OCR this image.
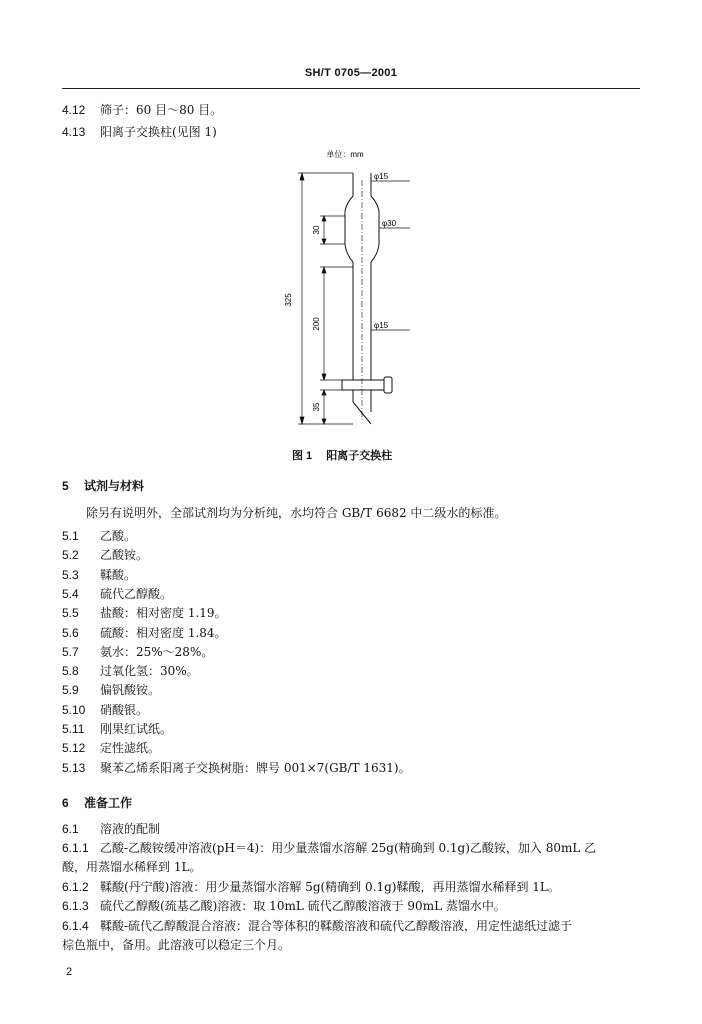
SH/T 0705—2001
4.12 筛子：60 目～80 目。
4.13 阳离子交换柱(见图 1)
单位：mm
φ15
φ30
φ15
325
30
200
35
图 1 阳离子交换柱
5 试剂与材料
除另有说明外，全部试剂均为分析纯，水均符合 GB/T 6682 中二级水的标准。
5.1 乙酸。
5.2 乙酸铵。
5.3 鞣酸。
5.4 硫代乙醇酸。
5.5 盐酸：相对密度 1.19。
5.6 硫酸：相对密度 1.84。
5.7 氨水：25%～28%。
5.8 过氧化氢：30%。
5.9 偏钒酸铵。
5.10 硝酸银。
5.11 刚果红试纸。
5.12 定性滤纸。
5.13 聚苯乙烯系阳离子交换树脂：牌号 001×7(GB/T 1631)。
6 准备工作
6.1 溶液的配制
6.1.1 乙酸-乙酸铵缓冲溶液(pH＝4)：用少量蒸馏水溶解 25g(精确到 0.1g)乙酸铵，加入 80mL 乙
酸，用蒸馏水稀释到 1L。
6.1.2 鞣酸(丹宁酸)溶液：用少量蒸馏水溶解 5g(精确到 0.1g)鞣酸，再用蒸馏水稀释到 1L。
6.1.3 硫代乙醇酸(巯基乙酸)溶液：取 10mL 硫代乙醇酸溶液于 90mL 蒸馏水中。
6.1.4 鞣酸-硫代乙醇酸混合溶液：混合等体积的鞣酸溶液和硫代乙醇酸溶液，用定性滤纸过滤于
棕色瓶中，备用。此溶液可以稳定三个月。
2
